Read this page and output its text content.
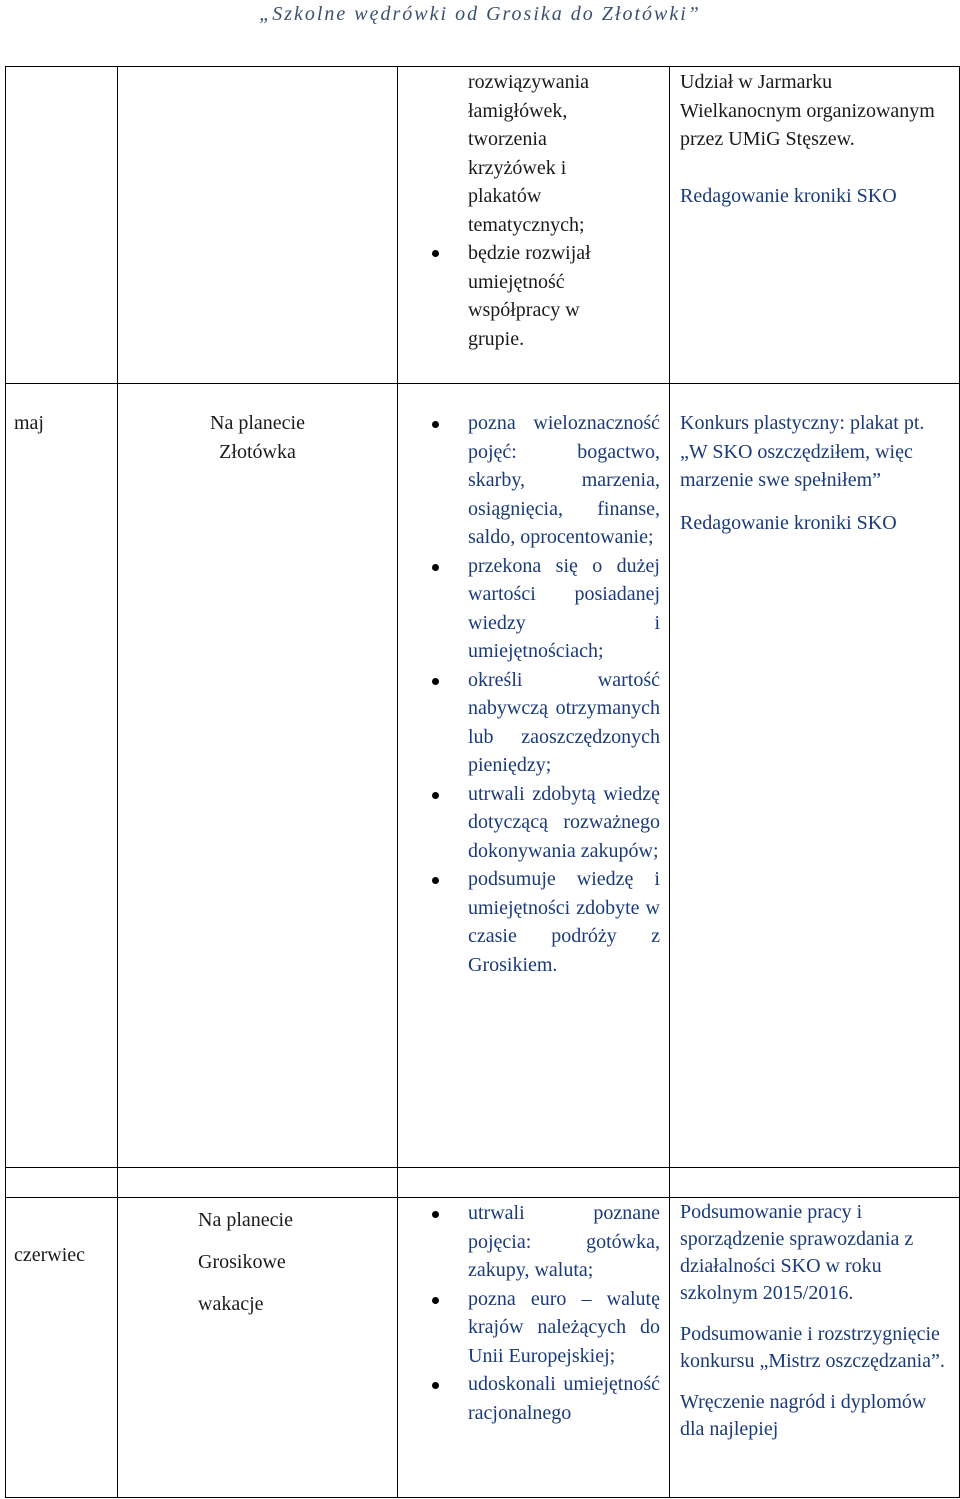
„Szkolne wędrówki od Grosika do Złotówki”
rozwiązywania
łamigłówek,
tworzenia
krzyżówek i
plakatów
tematycznych;
będzie rozwijał
umiejętność
współpracy w
grupie.

Udział w Jarmarku Wielkanocnym organizowanym przez UMiG Stęszew.

Redagowanie kroniki SKO

maj	Na planecie
Złotówka
pozna wieloznaczność pojęć: bogactwo, skarby, marzenia, osiągnięcia, finanse, saldo, oprocentowanie;
przekona się o dużej wartości posiadanej wiedzy i umiejętnościach;
określi wartość nabywczą otrzymanych lub zaoszczędzonych pieniędzy;
utrwali zdobytą wiedzę dotyczącą rozważnego dokonywania zakupów;
podsumuje wiedzę i umiejętności zdobyte w czasie podróży z Grosikiem.

Konkurs plastyczny: plakat pt. „W SKO oszczędziłem, więc marzenie swe spełniłem”

Redagowanie kroniki SKO

czerwiec
Na planecie
Grosikowe
wakacje
utrwali poznane pojęcia: gotówka, zakupy, waluta;
pozna euro – walutę krajów należących do Unii Europejskiej;
udoskonali umiejętność racjonalnego

Podsumowanie pracy i sporządzenie sprawozdania z działalności SKO w roku szkolnym 2015/2016.

Podsumowanie i rozstrzygnięcie konkursu „Mistrz oszczędzania”.

Wręczenie nagród i dyplomów dla najlepiej
